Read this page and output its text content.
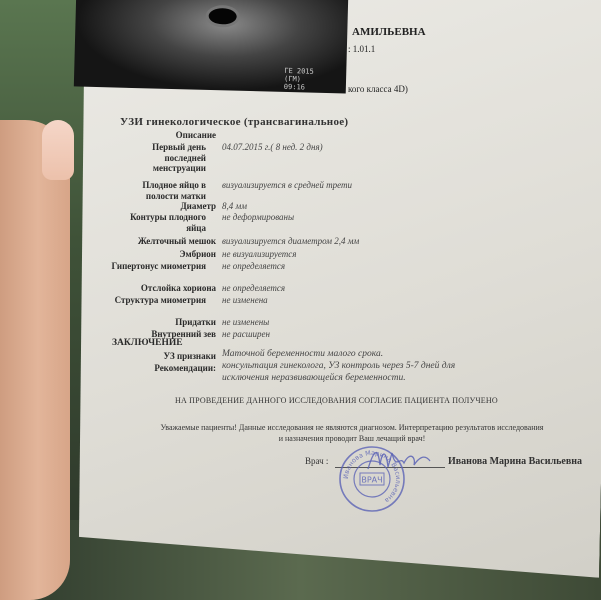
ГЕ 2015 (ГМ) 09:16
АМИЛЬЕВНА
: 1.01.1
кого класса 4D)
УЗИ гинекологическое (трансвагинальное)
Описание
Первый день последней менструации
04.07.2015 г.( 8 нед. 2 дня)
Плодное яйцо в полости матки
визуализируется в средней трети
Диаметр 8,4 мм
Контуры плодного яйца
не деформированы
Желточный мешок визуализируется диаметром 2,4 мм
Эмбрион не визуализируется
Гипертонус миометрия не определяется
Отслойка хориона не определяется
Структура миометрия не изменена
Придатки не изменены
Внутренний зев не расширен
ЗАКЛЮЧЕНИЕ
УЗ признаки Маточной беременности малого срока.
Рекомендации: консультация гинеколога, УЗ контроль через 5-7 дней для
исключения неразвивающейся беременности.
НА ПРОВЕДЕНИЕ ДАННОГО ИССЛЕДОВАНИЯ СОГЛАСИЕ ПАЦИЕНТА ПОЛУЧЕНО
Уважаемые пациенты! Данные исследования не являются диагнозом. Интерпретацию результатов исследования
и назначения проводит Ваш лечащий врач!
Врач :	Иванова Марина Васильевна
Иванова Марина Васильевна
ВРАЧ
